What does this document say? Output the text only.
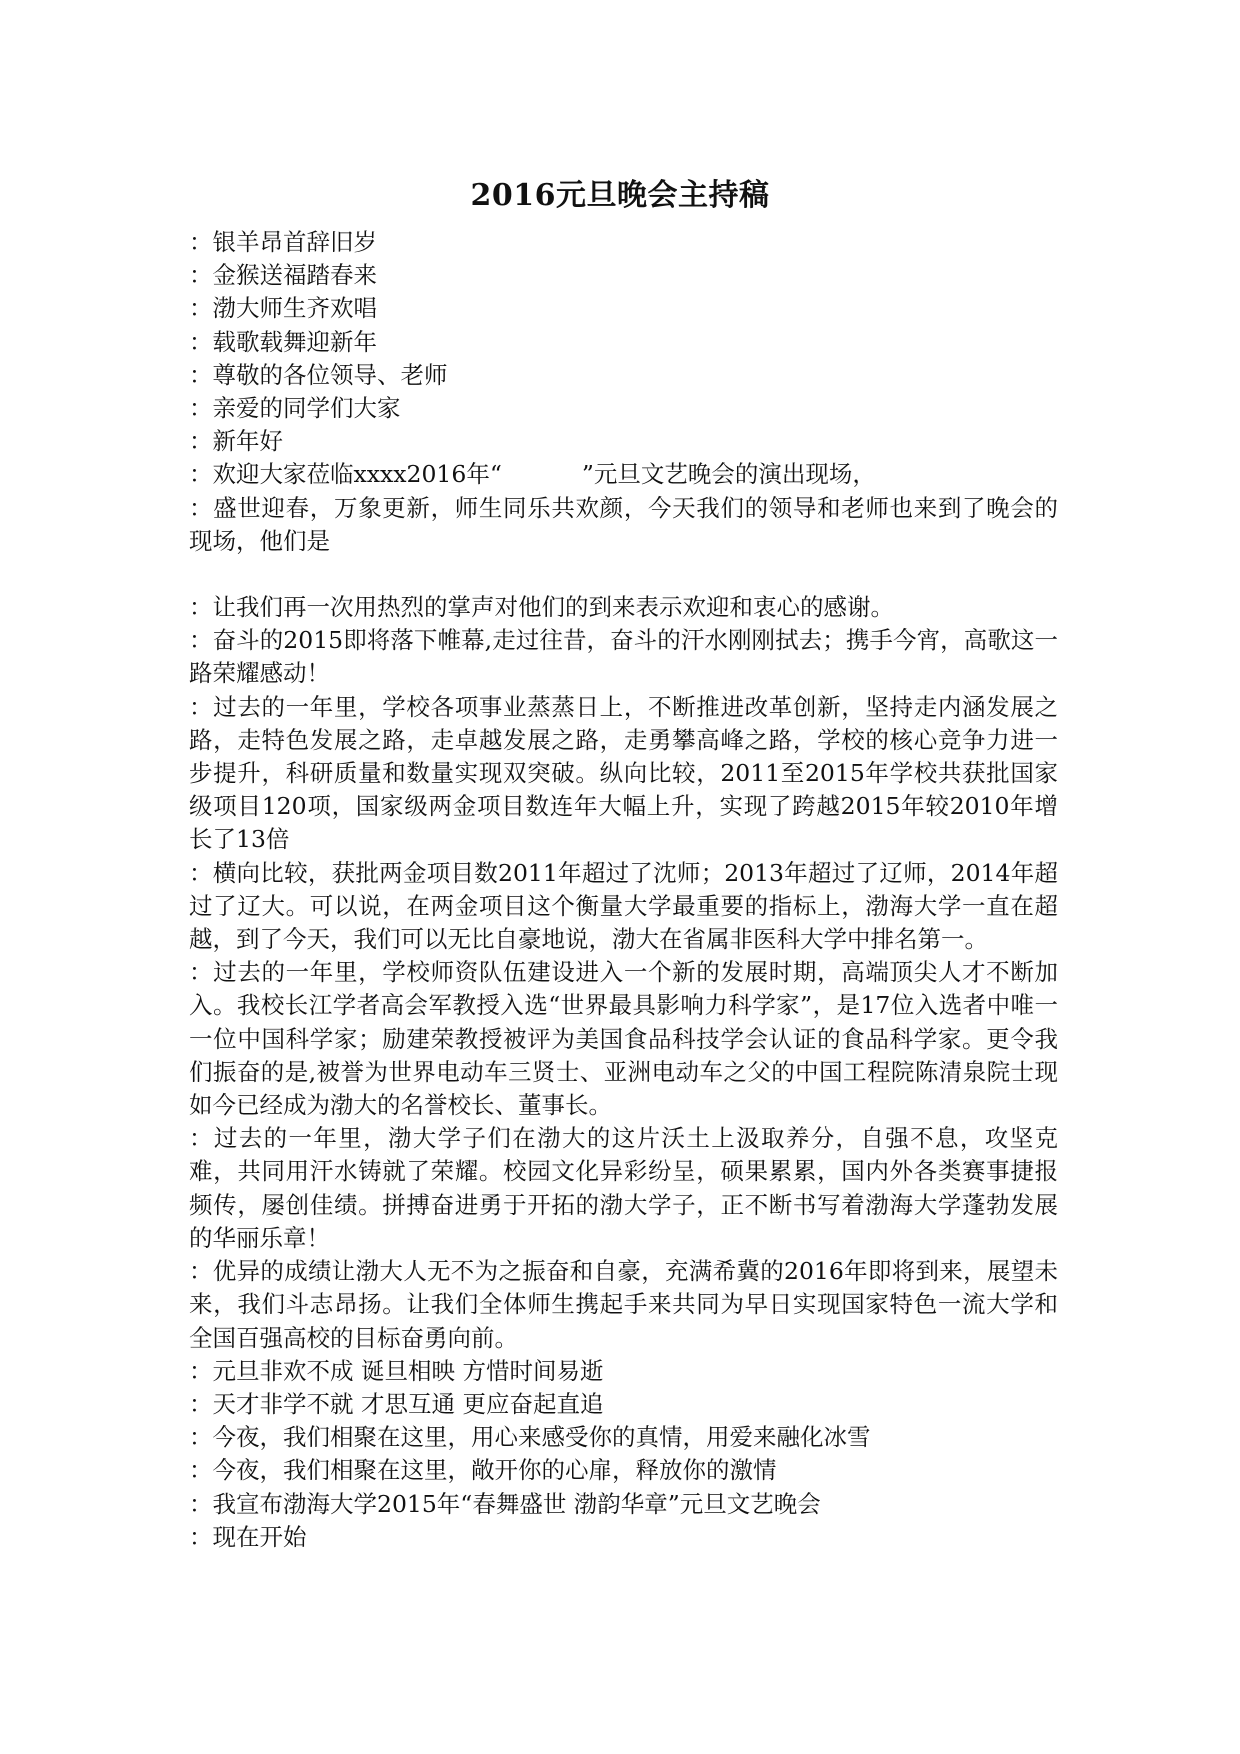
2016元旦晚会主持稿

：银羊昂首辞旧岁

：金猴送福踏春来

：渤大师生齐欢唱

：载歌载舞迎新年

：尊敬的各位领导、老师

：亲爱的同学们大家

：新年好

：欢迎大家莅临xxxx2016年“	”元旦文艺晚会的演出现场，

：盛世迎春，万象更新，师生同乐共欢颜，今天我们的领导和老师也来到了晚会的现场，他们是

：让我们再一次用热烈的掌声对他们的到来表示欢迎和衷心的感谢。

：奋斗的2015即将落下帷幕,走过往昔，奋斗的汗水刚刚拭去；携手今宵，高歌这一路荣耀感动！

：过去的一年里，学校各项事业蒸蒸日上，不断推进改革创新，坚持走内涵发展之路，走特色发展之路，走卓越发展之路，走勇攀高峰之路，学校的核心竞争力进一步提升，科研质量和数量实现双突破。纵向比较，2011至2015年学校共获批国家级项目120项，国家级两金项目数连年大幅上升，实现了跨越2015年较2010年增长了13倍

：横向比较，获批两金项目数2011年超过了沈师；2013年超过了辽师，2014年超过了辽大。可以说，在两金项目这个衡量大学最重要的指标上，渤海大学一直在超越，到了今天，我们可以无比自豪地说，渤大在省属非医科大学中排名第一。

：过去的一年里，学校师资队伍建设进入一个新的发展时期，高端顶尖人才不断加入。我校长江学者高会军教授入选“世界最具影响力科学家”，是17位入选者中唯一一位中国科学家；励建荣教授被评为美国食品科技学会认证的食品科学家。更令我们振奋的是,被誉为世界电动车三贤士、亚洲电动车之父的中国工程院陈清泉院士现如今已经成为渤大的名誉校长、董事长。

：过去的一年里，渤大学子们在渤大的这片沃土上汲取养分，自强不息，攻坚克难，共同用汗水铸就了荣耀。校园文化异彩纷呈，硕果累累，国内外各类赛事捷报频传，屡创佳绩。拼搏奋进勇于开拓的渤大学子，正不断书写着渤海大学蓬勃发展的华丽乐章！

：优异的成绩让渤大人无不为之振奋和自豪，充满希冀的2016年即将到来，展望未来，我们斗志昂扬。让我们全体师生携起手来共同为早日实现国家特色一流大学和全国百强高校的目标奋勇向前。

：元旦非欢不成 诞旦相映 方惜时间易逝

：天才非学不就 才思互通 更应奋起直追

：今夜，我们相聚在这里，用心来感受你的真情，用爱来融化冰雪

：今夜，我们相聚在这里，敞开你的心扉，释放你的激情

：我宣布渤海大学2015年“春舞盛世 渤韵华章”元旦文艺晚会

：现在开始
